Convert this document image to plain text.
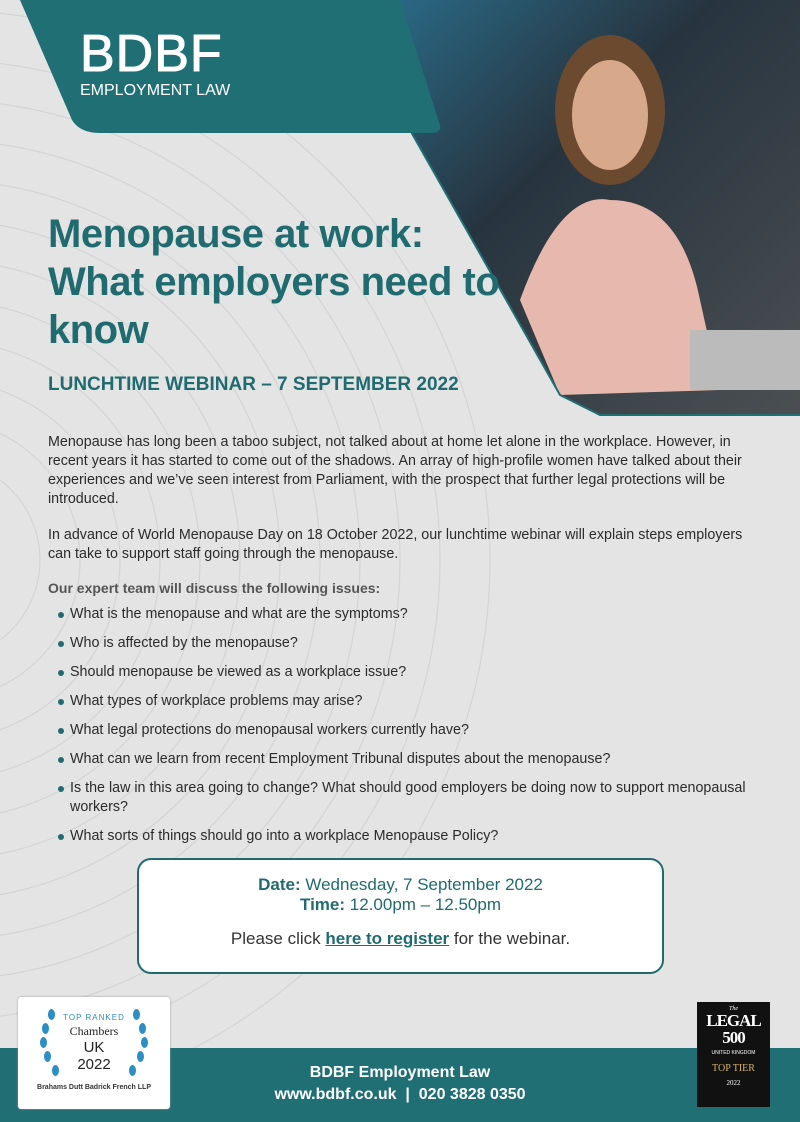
BDBF
EMPLOYMENT LAW
Menopause at work: What employers need to know
LUNCHTIME WEBINAR – 7 SEPTEMBER 2022

Menopause has long been a taboo subject, not talked about at home let alone in the workplace. However, in recent years it has started to come out of the shadows. An array of high-profile women have talked about their experiences and we’ve seen interest from Parliament, with the prospect that further legal protections will be introduced.

In advance of World Menopause Day on 18 October 2022, our lunchtime webinar will explain steps employers can take to support staff going through the menopause.

Our expert team will discuss the following issues:
What is the menopause and what are the symptoms?
Who is affected by the menopause?
Should menopause be viewed as a workplace issue?
What types of workplace problems may arise?
What legal protections do menopausal workers currently have?
What can we learn from recent Employment Tribunal disputes about the menopause?
Is the law in this area going to change? What should good employers be doing now to support menopausal workers?
What sorts of things should go into a workplace Menopause Policy?
Date: Wednesday, 7 September 2022
Time: 12.00pm – 12.50pm
Please click here to register for the webinar.
BDBF Employment Law
www.bdbf.co.uk | 020 3828 0350
TOP RANKED
Chambers
UK
2022
Brahams Dutt Badrick French LLP
The
LEGAL 500
UNITED KINGDOM
TOP TIER
2022
